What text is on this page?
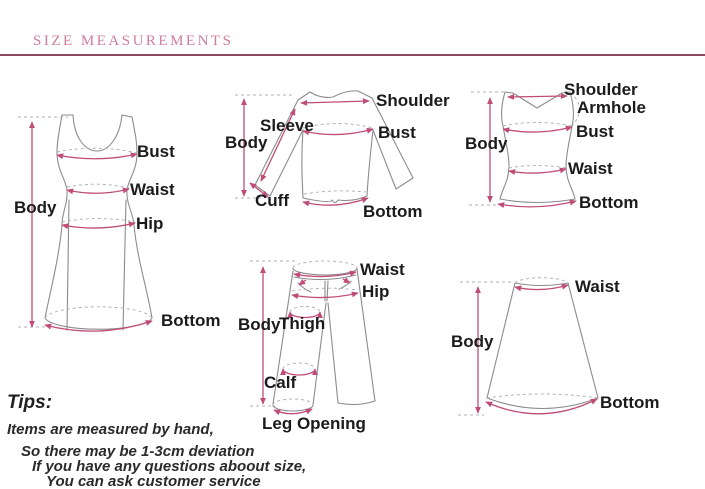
SIZE MEASUREMENTS
Bust
Waist
Hip
Body
Bottom
Shoulder
Sleeve
Body
Bust
Cuff
Bottom
Shoulder
Armhole
Body
Bust
Waist
Bottom
Waist
Hip
Body
Thigh
Calf
Leg Opening
Waist
Body
Bottom
Tips:
Items are measured by hand,
So there may be 1-3cm deviation
If you have any questions aboout size,
You can ask customer service
